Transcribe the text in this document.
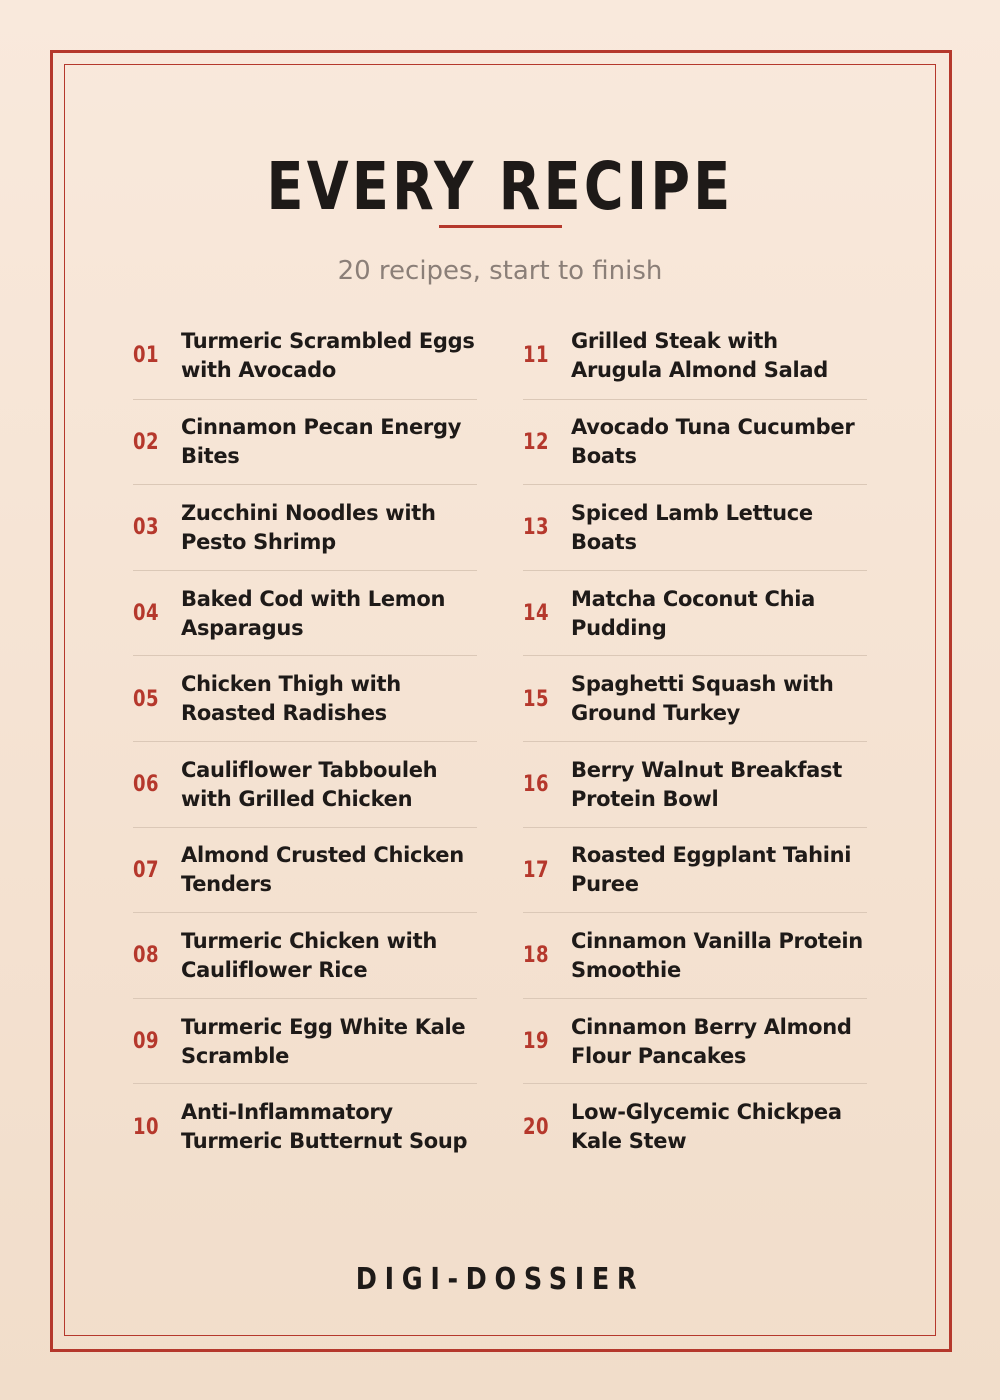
EVERY RECIPE
20 recipes, start to finish
01
Turmeric Scrambled Eggs with Avocado
02
Cinnamon Pecan Energy Bites
03
Zucchini Noodles with Pesto Shrimp
04
Baked Cod with Lemon Asparagus
05
Chicken Thigh with Roasted Radishes
06
Cauliflower Tabbouleh with Grilled Chicken
07
Almond Crusted Chicken Tenders
08
Turmeric Chicken with Cauliflower Rice
09
Turmeric Egg White Kale Scramble
10
Anti-Inflammatory Turmeric Butternut Soup
11
Grilled Steak with Arugula Almond Salad
12
Avocado Tuna Cucumber Boats
13
Spiced Lamb Lettuce Boats
14
Matcha Coconut Chia Pudding
15
Spaghetti Squash with Ground Turkey
16
Berry Walnut Breakfast Protein Bowl
17
Roasted Eggplant Tahini Puree
18
Cinnamon Vanilla Protein Smoothie
19
Cinnamon Berry Almond Flour Pancakes
20
Low-Glycemic Chickpea Kale Stew
DIGI-DOSSIER
